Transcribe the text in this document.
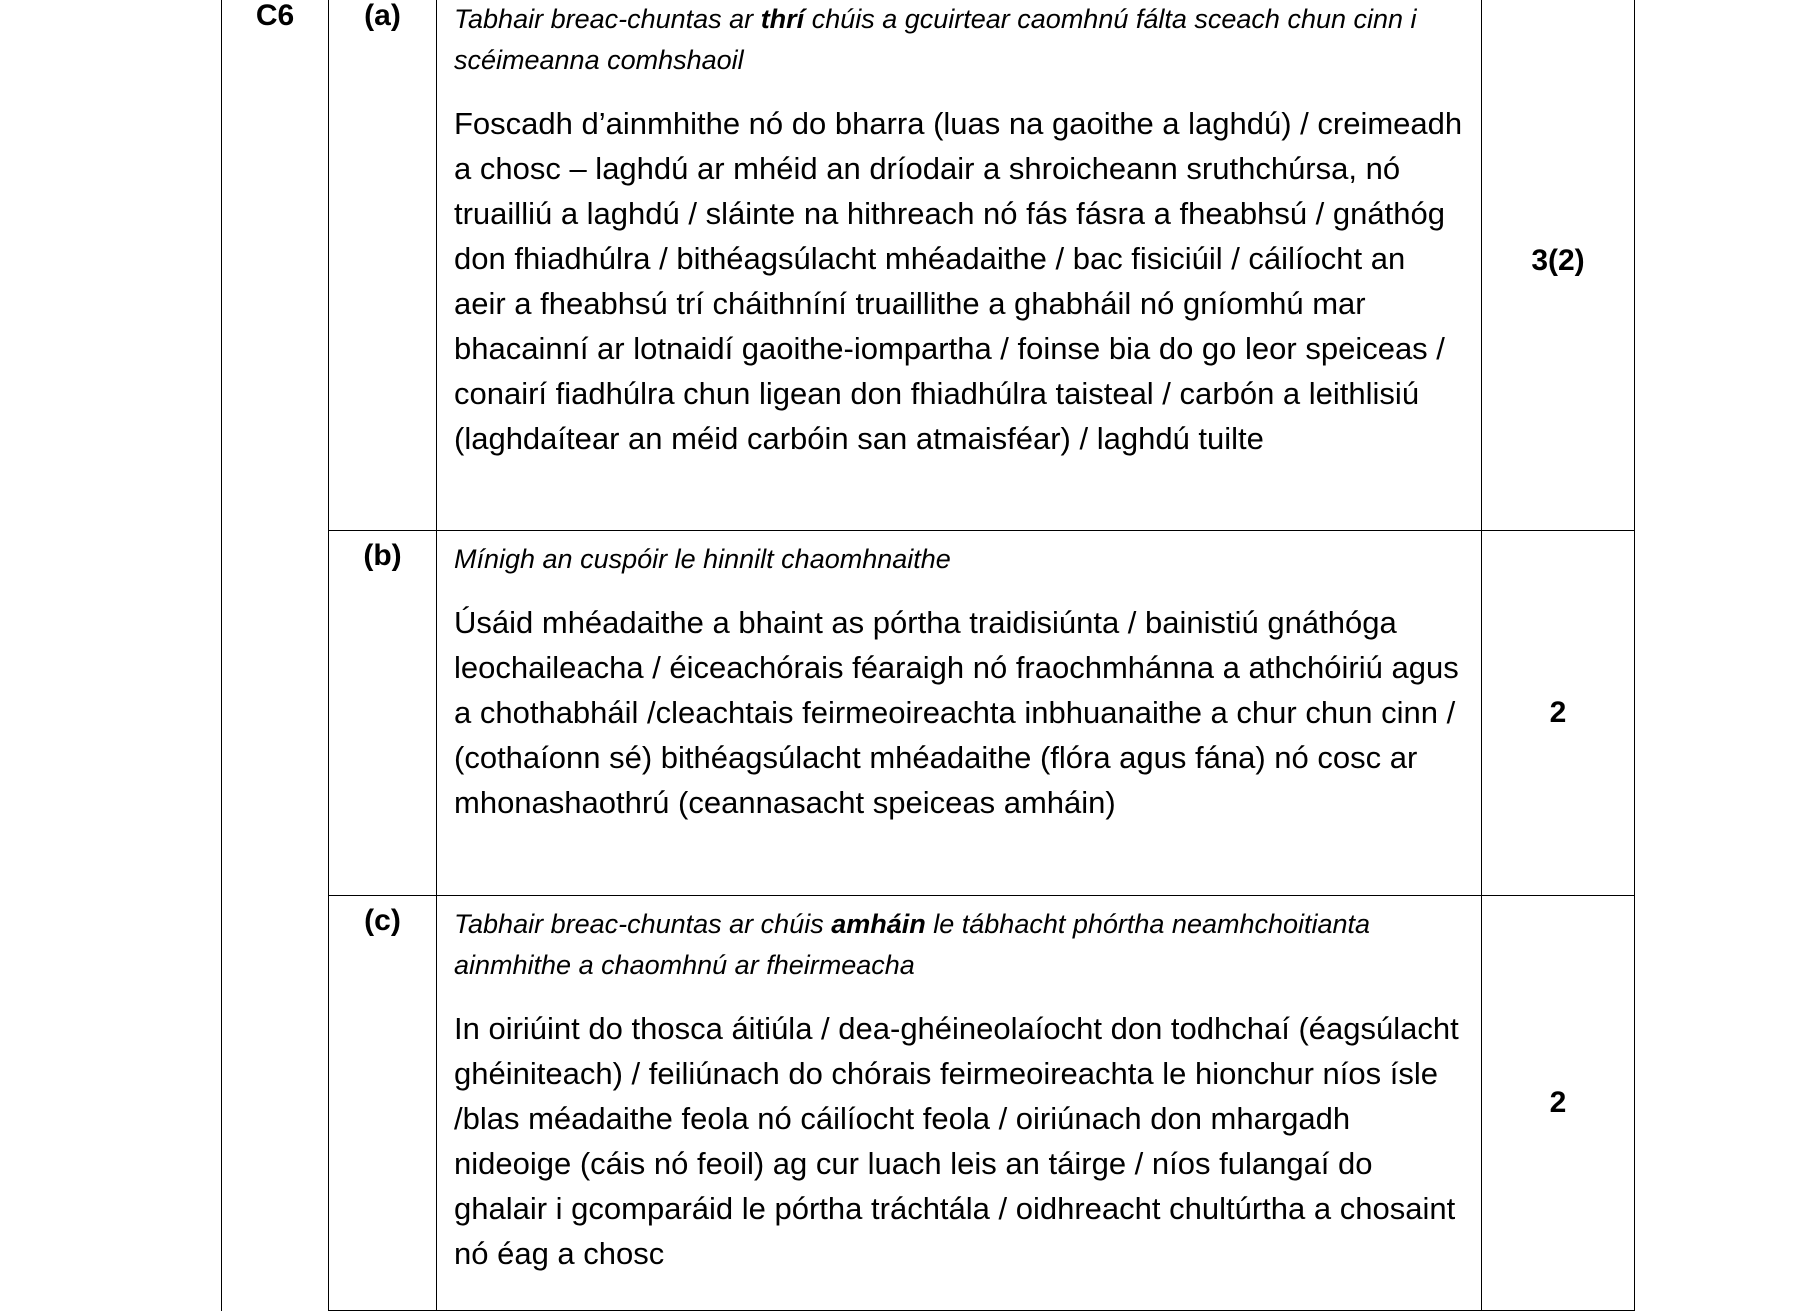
C6	(a)	Tabhair breac-chuntas ar thrí chúis a gcuirtear caomhnú fálta sceach chun cinn i scéimeanna comhshaoil
Foscadh d’ainmhithe nó do bharra (luas na gaoithe a laghdú) / creimeadh a chosc – laghdú ar mhéid an dríodair a shroicheann sruthchúrsa, nó truailliú a laghdú / sláinte na hithreach nó fás fásra a fheabhsú / gnáthóg don fhiadhúlra / bithéagsúlacht mhéadaithe / bac fisiciúil / cáilíocht an aeir a fheabhsú trí cháithníní truaillithe a ghabháil nó gníomhú mar bhacainní ar lotnaidí gaoithe-iompartha / foinse bia do go leor speiceas / conairí fiadhúlra chun ligean don fhiadhúlra taisteal / carbón a leithlisiú (laghdaítear an méid carbóin san atmaisféar) / laghdú tuilte	3(2)
	(b)	Mínigh an cuspóir le hinnilt chaomhnaithe
Úsáid mhéadaithe a bhaint as pórtha traidisiúnta / bainistiú gnáthóga leochaileacha / éiceachórais féaraigh nó fraochmhánna a athchóiriú agus a chothabháil /cleachtais feirmeoireachta inbhuanaithe a chur chun cinn / (cothaíonn sé) bithéagsúlacht mhéadaithe (flóra agus fána) nó cosc ar mhonashaothrú (ceannasacht speiceas amháin)	2
	(c)	Tabhair breac-chuntas ar chúis amháin le tábhacht phórtha neamhchoitianta ainmhithe a chaomhnú ar fheirmeacha
In oiriúint do thosca áitiúla / dea-ghéineolaíocht don todhchaí (éagsúlacht ghéiniteach) / feiliúnach do chórais feirmeoireachta le hionchur níos ísle /blas méadaithe feola nó cáilíocht feola / oiriúnach don mhargadh nideoige (cáis nó feoil) ag cur luach leis an táirge / níos fulangaí do ghalair i gcomparáid le pórtha tráchtála / oidhreacht chultúrtha a chosaint nó éag a chosc	2
